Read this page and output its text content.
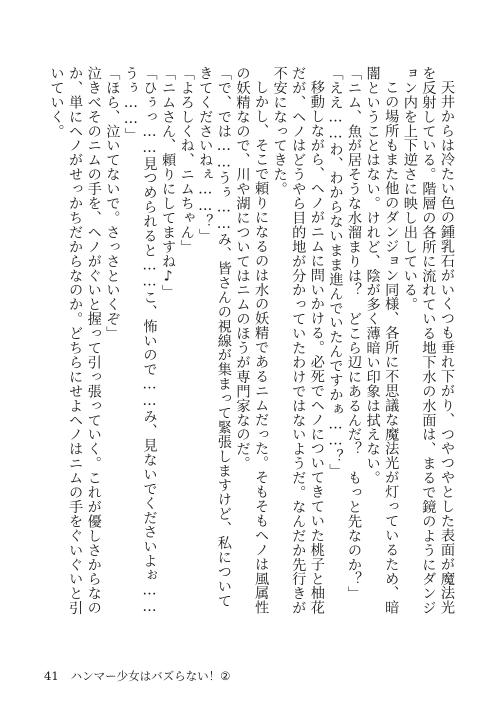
天井からは冷たい色の鍾乳石がいくつも垂れ下がり、つやつやとした表面が魔法光を反射している。階層の各所に流れている地下水の水面は、まるで鏡のようにダンジョン内を上下逆さに映し出している。

この場所もまた他のダンジョン同様、各所に不思議な魔法光が灯っているため、暗闇ということはない。けれど、陰が多く薄暗い印象は拭えない。

「ニム、魚が居そうな水溜まりは？　どこら辺にあるんだ？　もっと先なのか？」

「ええ……わ、わからないまま進んでいたんですかぁ……？」

移動しながら、ヘノがニムに問いかける。必死でヘノについてきていた桃子と柚花だが、ヘノはどうやら目的地が分かっていたわけではないようだ。なんだか先行きが不安になってきた。

しかし、そこで頼りになるのは水の妖精であるニムだった。そもそもヘノは風属性の妖精なので、川や湖についてはニムのほうが専門家なのだ。

「で、では……うぅ……み、皆さんの視線が集まって緊張しますけど、私についてきてくださいねぇ……？」

「よろしくね、ニムちゃん」

「ニムさん、頼りにしてますね♪」

「ひぅっ……見つめられると……こ、怖いので……み、見ないでくださいよぉ……うぅ……」

「ほら、泣いてないで。さっさといくぞ」

泣きべそのニムの手を、ヘノがぐいと握って引っ張っていく。これが優しさからなのか、単にヘノがせっかちだからなのか。どちらにせよヘノはニムの手をぐいぐいと引いていく。

41 ハンマー少女はバズらない！②
